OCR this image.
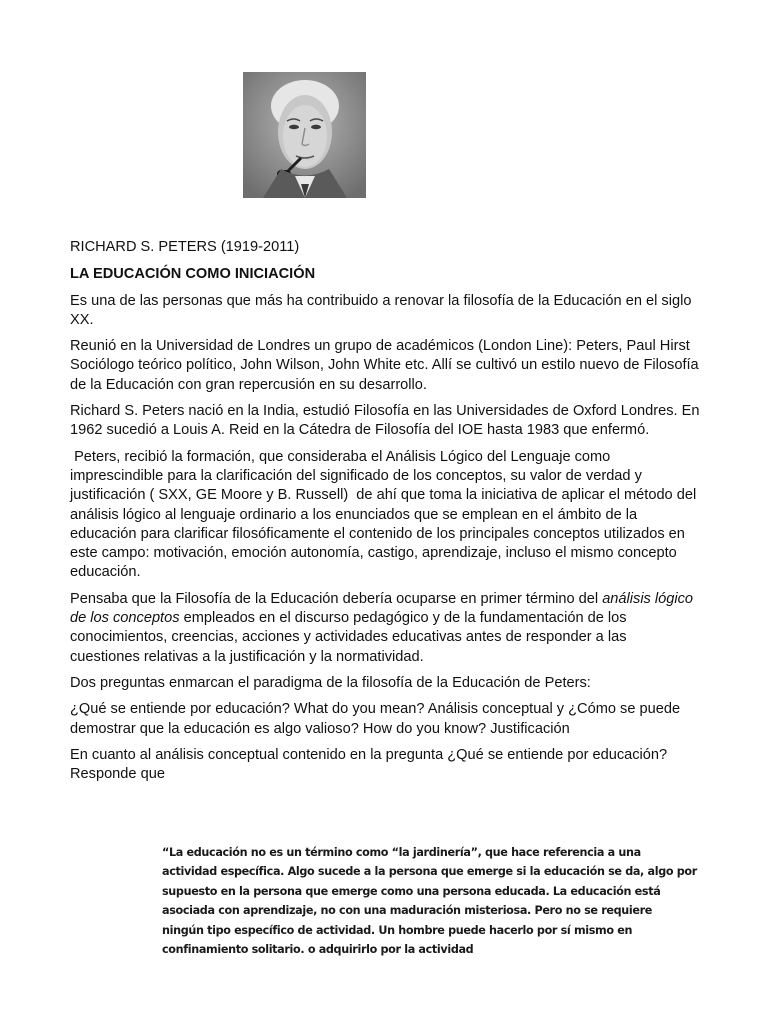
RICHARD S. PETERS (1919-2011)

LA EDUCACIÓN COMO INICIACIÓN

Es una de las personas que más ha contribuido a renovar la filosofía de la Educación en el siglo XX.

Reunió en la Universidad de Londres un grupo de académicos (London Line): Peters, Paul Hirst Sociólogo teórico político, John Wilson, John White etc. Allí se cultivó un estilo nuevo de Filosofía de la Educación con gran repercusión en su desarrollo.

Richard S. Peters nació en la India, estudió Filosofía en las Universidades de Oxford Londres. En 1962 sucedió a Louis A. Reid en la Cátedra de Filosofía del IOE hasta 1983 que enfermó.

Peters, recibió la formación, que consideraba el Análisis Lógico del Lenguaje como imprescindible para la clarificación del significado de los conceptos, su valor de verdad y justificación ( SXX, GE Moore y B. Russell)  de ahí que toma la iniciativa de aplicar el método del análisis lógico al lenguaje ordinario a los enunciados que se emplean en el ámbito de la educación para clarificar filosóficamente el contenido de los principales conceptos utilizados en este campo: motivación, emoción autonomía, castigo, aprendizaje, incluso el mismo concepto educación.

Pensaba que la Filosofía de la Educación debería ocuparse en primer término del análisis lógico de los conceptos empleados en el discurso pedagógico y de la fundamentación de los conocimientos, creencias, acciones y actividades educativas antes de responder a las cuestiones relativas a la justificación y la normatividad.

Dos preguntas enmarcan el paradigma de la filosofía de la Educación de Peters:

¿Qué se entiende por educación? What do you mean? Análisis conceptual y ¿Cómo se puede demostrar que la educación es algo valioso? How do you know? Justificación

En cuanto al análisis conceptual contenido en la pregunta ¿Qué se entiende por educación? Responde que

“La educación no es un término como “la jardinería”, que hace referencia a una actividad específica. Algo sucede a la persona que emerge si la educación se da, algo por supuesto en la persona que emerge como una persona educada. La educación está asociada con aprendizaje, no con una maduración misteriosa. Pero no se requiere ningún tipo específico de actividad. Un hombre puede hacerlo por sí mismo en confinamiento solitario. o adquirirlo por la actividad
